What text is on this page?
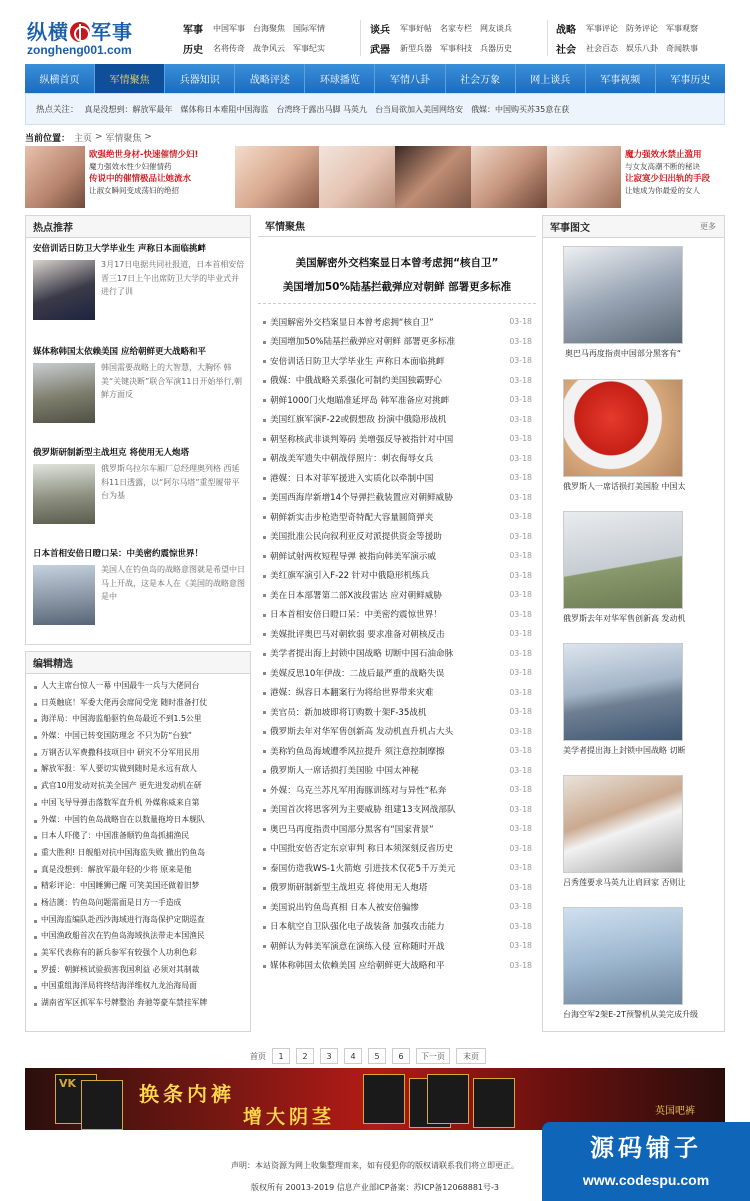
纵横 军事
zongheng001.com
军事	中国军事 台海聚焦 国际军情
历史	名将传奇 战争风云 军事纪实
谈兵	军事好帖 名家专栏 网友谈兵
武器	新型兵器 军事科技 兵器历史
战略	军事评论 防务评论 军事观察
社会	社会百态 娱乐八卦 奇闻轶事
纵横首页	军情聚焦	兵器知识	战略评述	环球播览	军情八卦	社会万象	网上谈兵	军事视频	军事历史
热点关注： 真是没想到：解放军最年 媒体称日本难阻中国海监 台湾终于露出马脚 马英九 台当局欲加入美国网络安 俄媒：中国购买苏35意在获
当前位置： 主页
>
军情聚焦
>
欧强绝世身材-快速催情少妇!
魔力强效水性少妇催情药
传说中的催情极品让她流水
让淑女瞬间变成荡妇的绝招
魔力强效水禁止滥用
与女友高潮不断的秘诀
让寂寞少妇出轨的手段
让她成为你最爱的女人
热点推荐
安倍训话日防卫大学毕业生 声称日本面临挑衅
3月17日电据共同社报道，日本首相安倍晋三17日上午出席防卫大学的毕业式并进行了训
媒体称韩国太依赖美国 应给朝鲜更大战略和平
韩国需要战略上的大智慧，大胸怀 韩美“关键决断”联合军演11日开始举行,朝鲜方面反
俄罗斯研制新型主战坦克 将使用无人炮塔
俄罗斯乌拉尔车厢厂总经理奥列格 西延科11日透露，以“阿尔马塔”重型履带平台为基
日本首相安倍日瞪口呆：中美密约震惊世界！
美国人在钓鱼岛的战略意图就是希望中日马上开战，这是本人在《美国的战略意图是中
编辑精选
人大主席台惊人一幕 中国最牛一兵与大佬同台
日英触底！军委大佬再会席间受宠 随时准备打仗
海洋局：中国海监船驱钓鱼岛最近不到1.5公里
外媒：中国已转变国防理念 不只为防“台独”
万钢否认军费撒科技项目中 研究不分军用民用
解放军报：军人要切实做到随时是永远有敌人
武官10用发动对抗美全国产 更先进发动机在研
中国飞导导弹击落数军直升机 外媒称威来自第
外媒：中国钓鱼岛战略盲在以数量拖垮日本舰队
日本人吓傻了：中国准备顺钓鱼岛抓捕渔民
重大胜利! 日舰船对抗中国海监失败 撤出钓鱼岛
真是没想到：解放军最年轻的少将 原来是他
精彩评论：中国睡狮已醒 可笑美国还做着旧梦
杨洁篪：钓鱼岛问题需面是日方一手造成
中国海监编队赴西沙海域进行海岛保护定期巡查
中国渔政船首次在钓鱼岛海域执法带走本国渔民
美军代表称有的新兵参军有较强个人功利色彩
罗援：朝鲜核试验损害我国利益 必须对其制裁
中国重组海洋局将终结海洋维权九龙治海局面
湖南省军区抓军车号牌整治 奔驰等豪车禁挂军牌
军情聚焦
美国解密外交档案显日本曾考虑拥“核自卫”
美国增加50%陆基拦截弹应对朝鲜 部署更多标准
美国解密外交档案显日本曾考虑拥“核自卫”	03-18
美国增加50%陆基拦截弹应对朝鲜 部署更多标准	03-18
安倍训话日防卫大学毕业生 声称日本面临挑衅	03-18
俄媒：中俄战略关系强化可制约美国独霸野心	03-18
朝鲜1000门火炮瞄准延坪岛 韩军准备应对挑衅	03-18
美国红旗军演F-22或假想敌 扮演中俄隐形战机	03-18
朝坚称核武非谈判筹码 美增强反导被指针对中国	03-18
朝战美军遗失中朝战俘照片：刺衣侮辱女兵	03-18
港媒：日本对菲军援进入实质化以牵制中国	03-18
美国西海岸新增14个导弹拦截装置应对朝鲜威胁	03-18
朝鲜新实击步枪造型奇特配大容量圆筒弹夹	03-18
美国批准公民向叙利亚反对派提供资金等援助	03-18
朝鲜试射两枚短程导弹 被指向韩美军演示威	03-18
美红旗军演引入F-22 针对中俄隐形机练兵	03-18
美在日本部署第二部X波段雷达 应对朝鲜威胁	03-18
日本首相安倍日瞪口呆：中美密约震惊世界！	03-18
美媒批评奥巴马对朝软弱 要求准备对朝核反击	03-18
美学者提出海上封锁中国战略 切断中国石油命脉	03-18
美媒反思10年伊战：二战后最严重的战略失误	03-18
港媒：纵容日本翻案行为将给世界带来灾难	03-18
美官员：新加坡即将订购数十架F-35战机	03-18
俄罗斯去年对华军售创新高 发动机直升机占大头	03-18
美称钓鱼岛海域遭季风拉提升 须注意控制摩擦	03-18
俄罗斯人一席话损打美国脸 中国太神秘	03-18
外媒：乌克兰苏凡军用海豚训练对与异性“私奔	03-18
美国首次将思客列为主要威胁 组建13支网战部队	03-18
奥巴马再度指责中国部分黑客有“国家背景”	03-18
中国批安倍否定东京审判 称日本须深刻反省历史	03-18
泰国仿造我WS-1火箭炮 引进技术仅花5千万美元	03-18
俄罗斯研制新型主战坦克 将使用无人炮塔	03-18
美国说出钓鱼岛真相 日本人被安倍骗惨	03-18
日本航空自卫队强化电子战装备 加强攻击能力	03-18
朝鲜认为韩美军演意在演练入侵 宣称随时开战	03-18
媒体称韩国太依赖美国 应给朝鲜更大战略和平	03-18
军事图文	更多
奥巴马再度指责中国部分黑客有“
俄罗斯人一席话损打美国脸 中国太
俄罗斯去年对华军售创新高 发动机
美学者提出海上封锁中国战略 切断
吕秀莲要求马英九让肩回家 否则让
台海空军2架E-2T预警机从美完成升级
首页	1	2	3	4	5	6	下一页	末页
VK	换条内裤
增大阴茎	英国吧裤
声明：本站资源为网上收集整理而来，如有侵犯你的版权请联系我们将立即更正。
版权所有 20013-2019 信息产业部ICP备案：苏ICP备12068881号-3
源码铺子
www.codespu.com
